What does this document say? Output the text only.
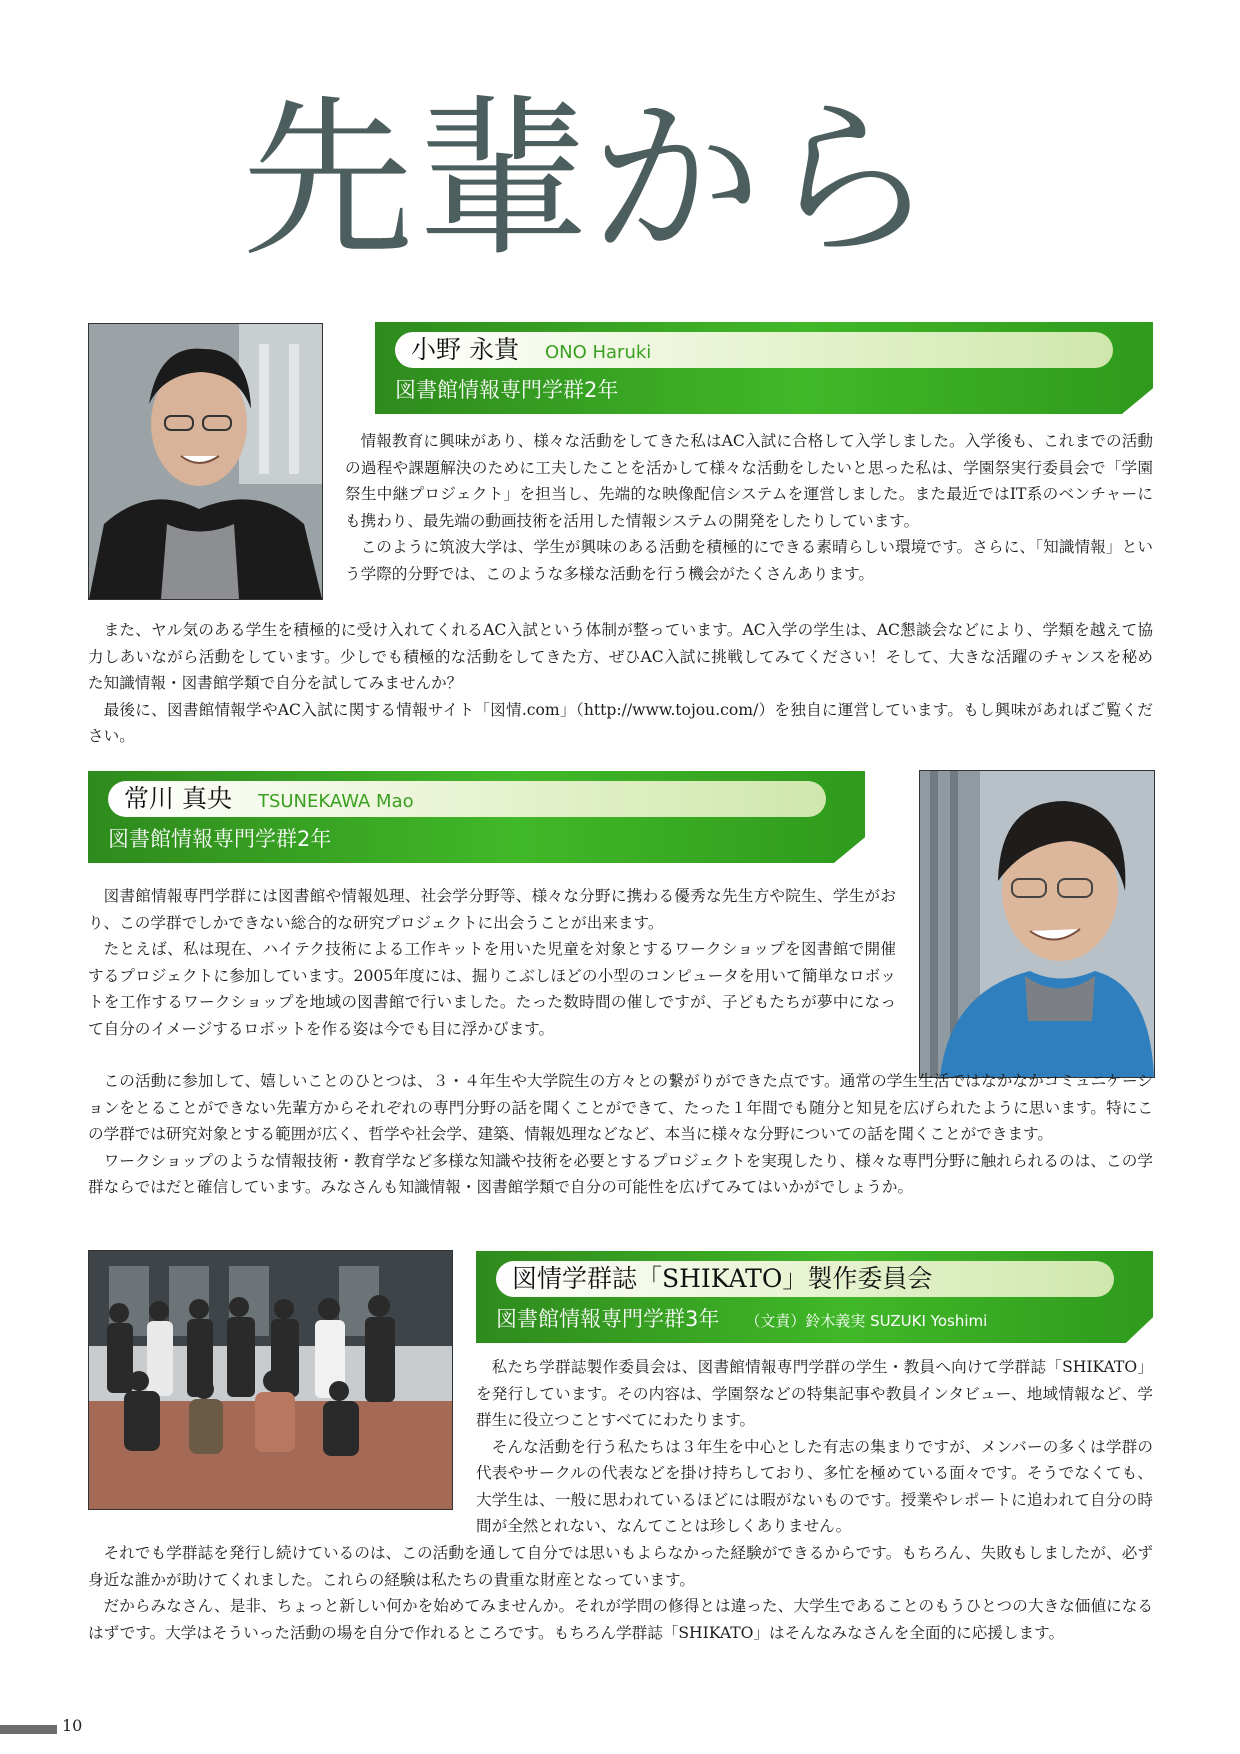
先輩から
小野 永貴 ONO Haruki
図書館情報専門学群2年

情報教育に興味があり、様々な活動をしてきた私はAC入試に合格して入学しました。入学後も、これまでの活動の過程や課題解決のために工夫したことを活かして様々な活動をしたいと思った私は、学園祭実行委員会で「学園祭生中継プロジェクト」を担当し、先端的な映像配信システムを運営しました。また最近ではIT系のベンチャーにも携わり、最先端の動画技術を活用した情報システムの開発をしたりしています。

このように筑波大学は、学生が興味のある活動を積極的にできる素晴らしい環境です。さらに、「知識情報」という学際的分野では、このような多様な活動を行う機会がたくさんあります。

また、ヤル気のある学生を積極的に受け入れてくれるAC入試という体制が整っています。AC入学の学生は、AC懇談会などにより、学類を越えて協力しあいながら活動をしています。少しでも積極的な活動をしてきた方、ぜひAC入試に挑戦してみてください！そして、大きな活躍のチャンスを秘めた知識情報・図書館学類で自分を試してみませんか？

最後に、図書館情報学やAC入試に関する情報サイト「図情.com」（http://www.tojou.com/）を独自に運営しています。もし興味があればご覧ください。

常川 真央 TSUNEKAWA Mao
図書館情報専門学群2年

図書館情報専門学群には図書館や情報処理、社会学分野等、様々な分野に携わる優秀な先生方や院生、学生がおり、この学群でしかできない総合的な研究プロジェクトに出会うことが出来ます。

たとえば、私は現在、ハイテク技術による工作キットを用いた児童を対象とするワークショップを図書館で開催するプロジェクトに参加しています。2005年度には、掘りこぶしほどの小型のコンピュータを用いて簡単なロボットを工作するワークショップを地域の図書館で行いました。たった数時間の催しですが、子どもたちが夢中になって自分のイメージするロボットを作る姿は今でも目に浮かびます。

この活動に参加して、嬉しいことのひとつは、３・４年生や大学院生の方々との繋がりができた点です。通常の学生生活ではなかなかコミュニケーションをとることができない先輩方からそれぞれの専門分野の話を聞くことができて、たった１年間でも随分と知見を広げられたように思います。特にこの学群では研究対象とする範囲が広く、哲学や社会学、建築、情報処理などなど、本当に様々な分野についての話を聞くことができます。

ワークショップのような情報技術・教育学など多様な知識や技術を必要とするプロジェクトを実現したり、様々な専門分野に触れられるのは、この学群ならではだと確信しています。みなさんも知識情報・図書館学類で自分の可能性を広げてみてはいかがでしょうか。

図情学群誌「SHIKATO」製作委員会
図書館情報専門学群3年 （文責）鈴木義実 SUZUKI Yoshimi

私たち学群誌製作委員会は、図書館情報専門学群の学生・教員へ向けて学群誌「SHIKATO」を発行しています。その内容は、学園祭などの特集記事や教員インタビュー、地域情報など、学群生に役立つことすべてにわたります。

そんな活動を行う私たちは３年生を中心とした有志の集まりですが、メンバーの多くは学群の代表やサークルの代表などを掛け持ちしており、多忙を極めている面々です。そうでなくても、大学生は、一般に思われているほどには暇がないものです。授業やレポートに追われて自分の時間が全然とれない、なんてことは珍しくありません。

それでも学群誌を発行し続けているのは、この活動を通して自分では思いもよらなかった経験ができるからです。もちろん、失敗もしましたが、必ず身近な誰かが助けてくれました。これらの経験は私たちの貴重な財産となっています。

だからみなさん、是非、ちょっと新しい何かを始めてみませんか。それが学問の修得とは違った、大学生であることのもうひとつの大きな価値になるはずです。大学はそういった活動の場を自分で作れるところです。もちろん学群誌「SHIKATO」はそんなみなさんを全面的に応援します。

10
